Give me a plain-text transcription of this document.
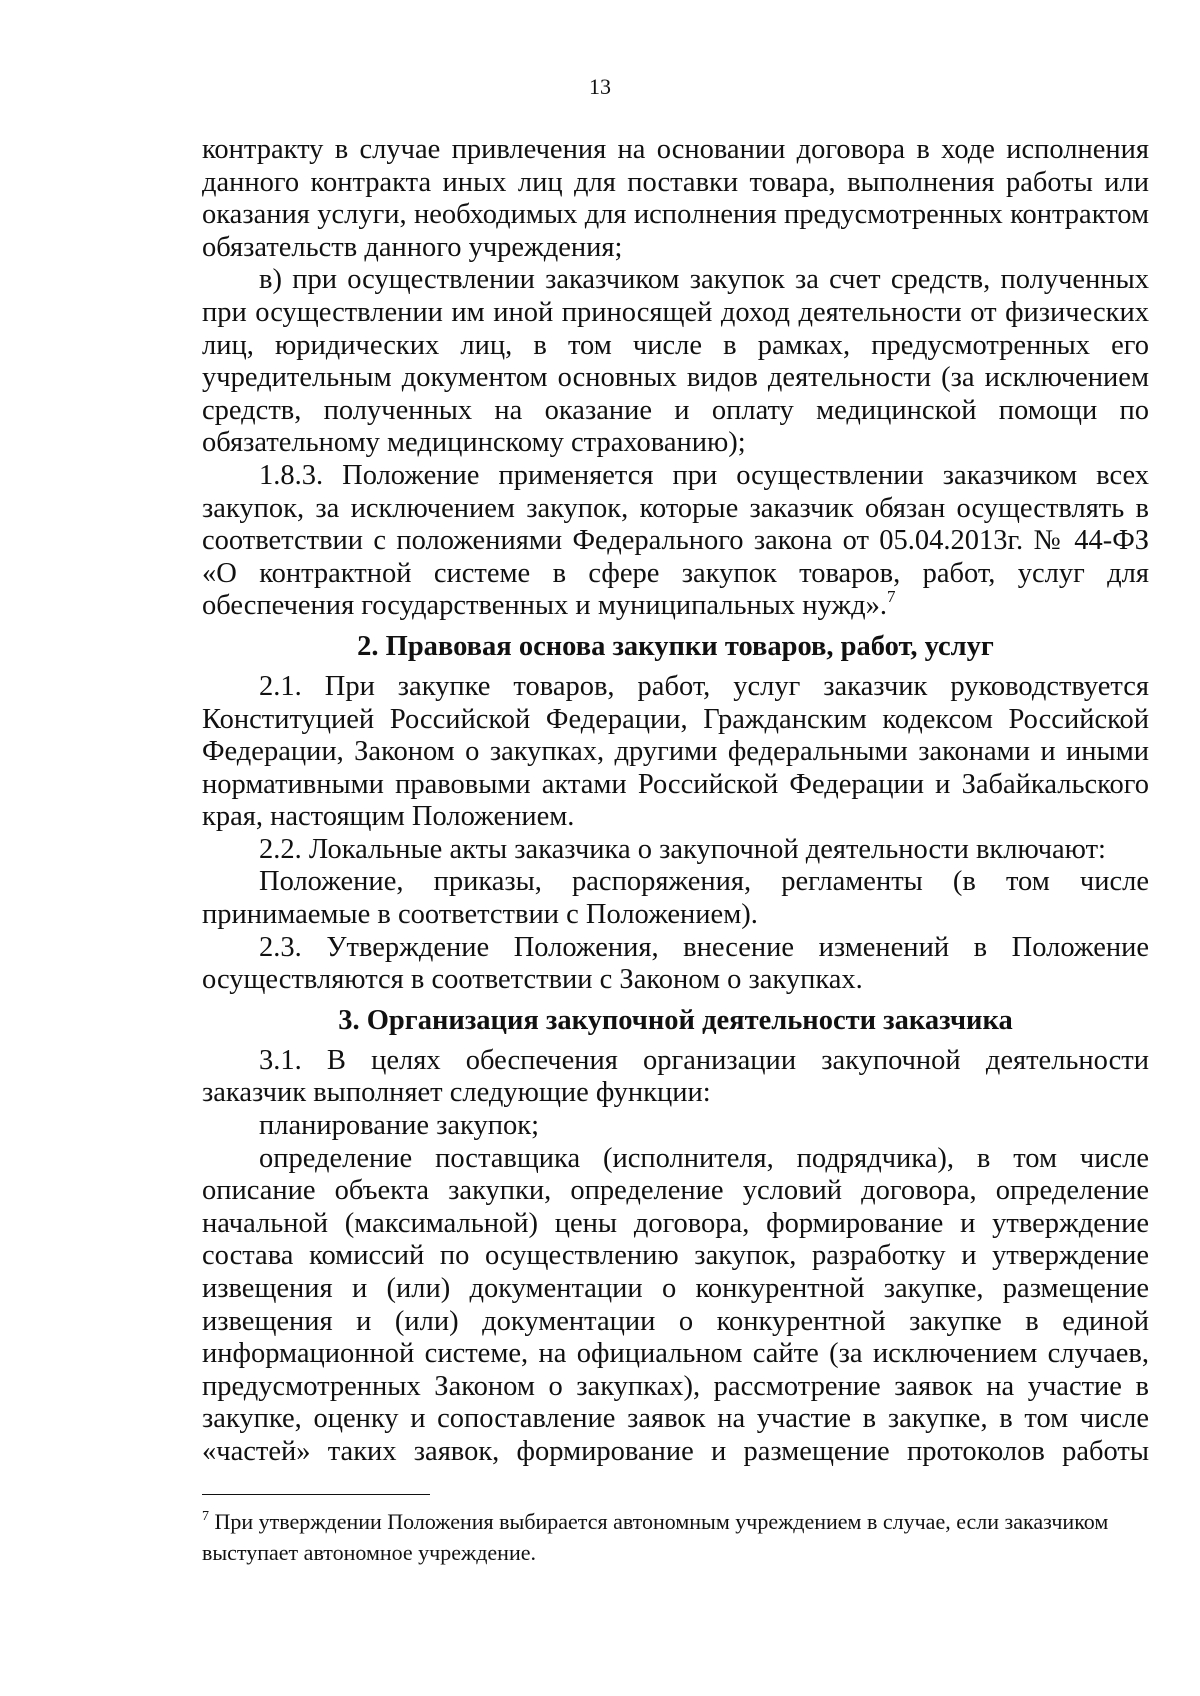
13

контракту в случае привлечения на основании договора в ходе исполнения данного контракта иных лиц для поставки товара, выполнения работы или оказания услуги, необходимых для исполнения предусмотренных контрактом обязательств данного учреждения;

в) при осуществлении заказчиком закупок за счет средств, полученных при осуществлении им иной приносящей доход деятельности от физических лиц, юридических лиц, в том числе в рамках, предусмотренных его учредительным документом основных видов деятельности (за исключением средств, полученных на оказание и оплату медицинской помощи по обязательному медицинскому страхованию);

1.8.3. Положение применяется при осуществлении заказчиком всех закупок, за исключением закупок, которые заказчик обязан осуществлять в соответствии с положениями Федерального закона от 05.04.2013г. № 44-ФЗ «О контрактной системе в сфере закупок товаров, работ, услуг для обеспечения государственных и муниципальных нужд».$^7$

2. Правовая основа закупки товаров, работ, услуг

2.1. При закупке товаров, работ, услуг заказчик руководствуется Конституцией Российской Федерации, Гражданским кодексом Российской Федерации, Законом о закупках, другими федеральными законами и иными нормативными правовыми актами Российской Федерации и Забайкальского края, настоящим Положением.

2.2. Локальные акты заказчика о закупочной деятельности включают:

Положение, приказы, распоряжения, регламенты (в том числе принимаемые в соответствии с Положением).

2.3. Утверждение Положения, внесение изменений в Положение осуществляются в соответствии с Законом о закупках.

3. Организация закупочной деятельности заказчика

3.1. В целях обеспечения организации закупочной деятельности заказчик выполняет следующие функции:

планирование закупок;

определение поставщика (исполнителя, подрядчика), в том числе описание объекта закупки, определение условий договора, определение начальной (максимальной) цены договора, формирование и утверждение состава комиссий по осуществлению закупок, разработку и утверждение извещения и (или) документации о конкурентной закупке, размещение извещения и (или) документации о конкурентной закупке в единой информационной системе, на официальном сайте (за исключением случаев, предусмотренных Законом о закупках), рассмотрение заявок на участие в закупке, оценку и сопоставление заявок на участие в закупке, в том числе «частей» таких заявок, формирование и размещение протоколов работы

$^7$ При утверждении Положения выбирается автономным учреждением в случае, если заказчиком выступает автономное учреждение.
